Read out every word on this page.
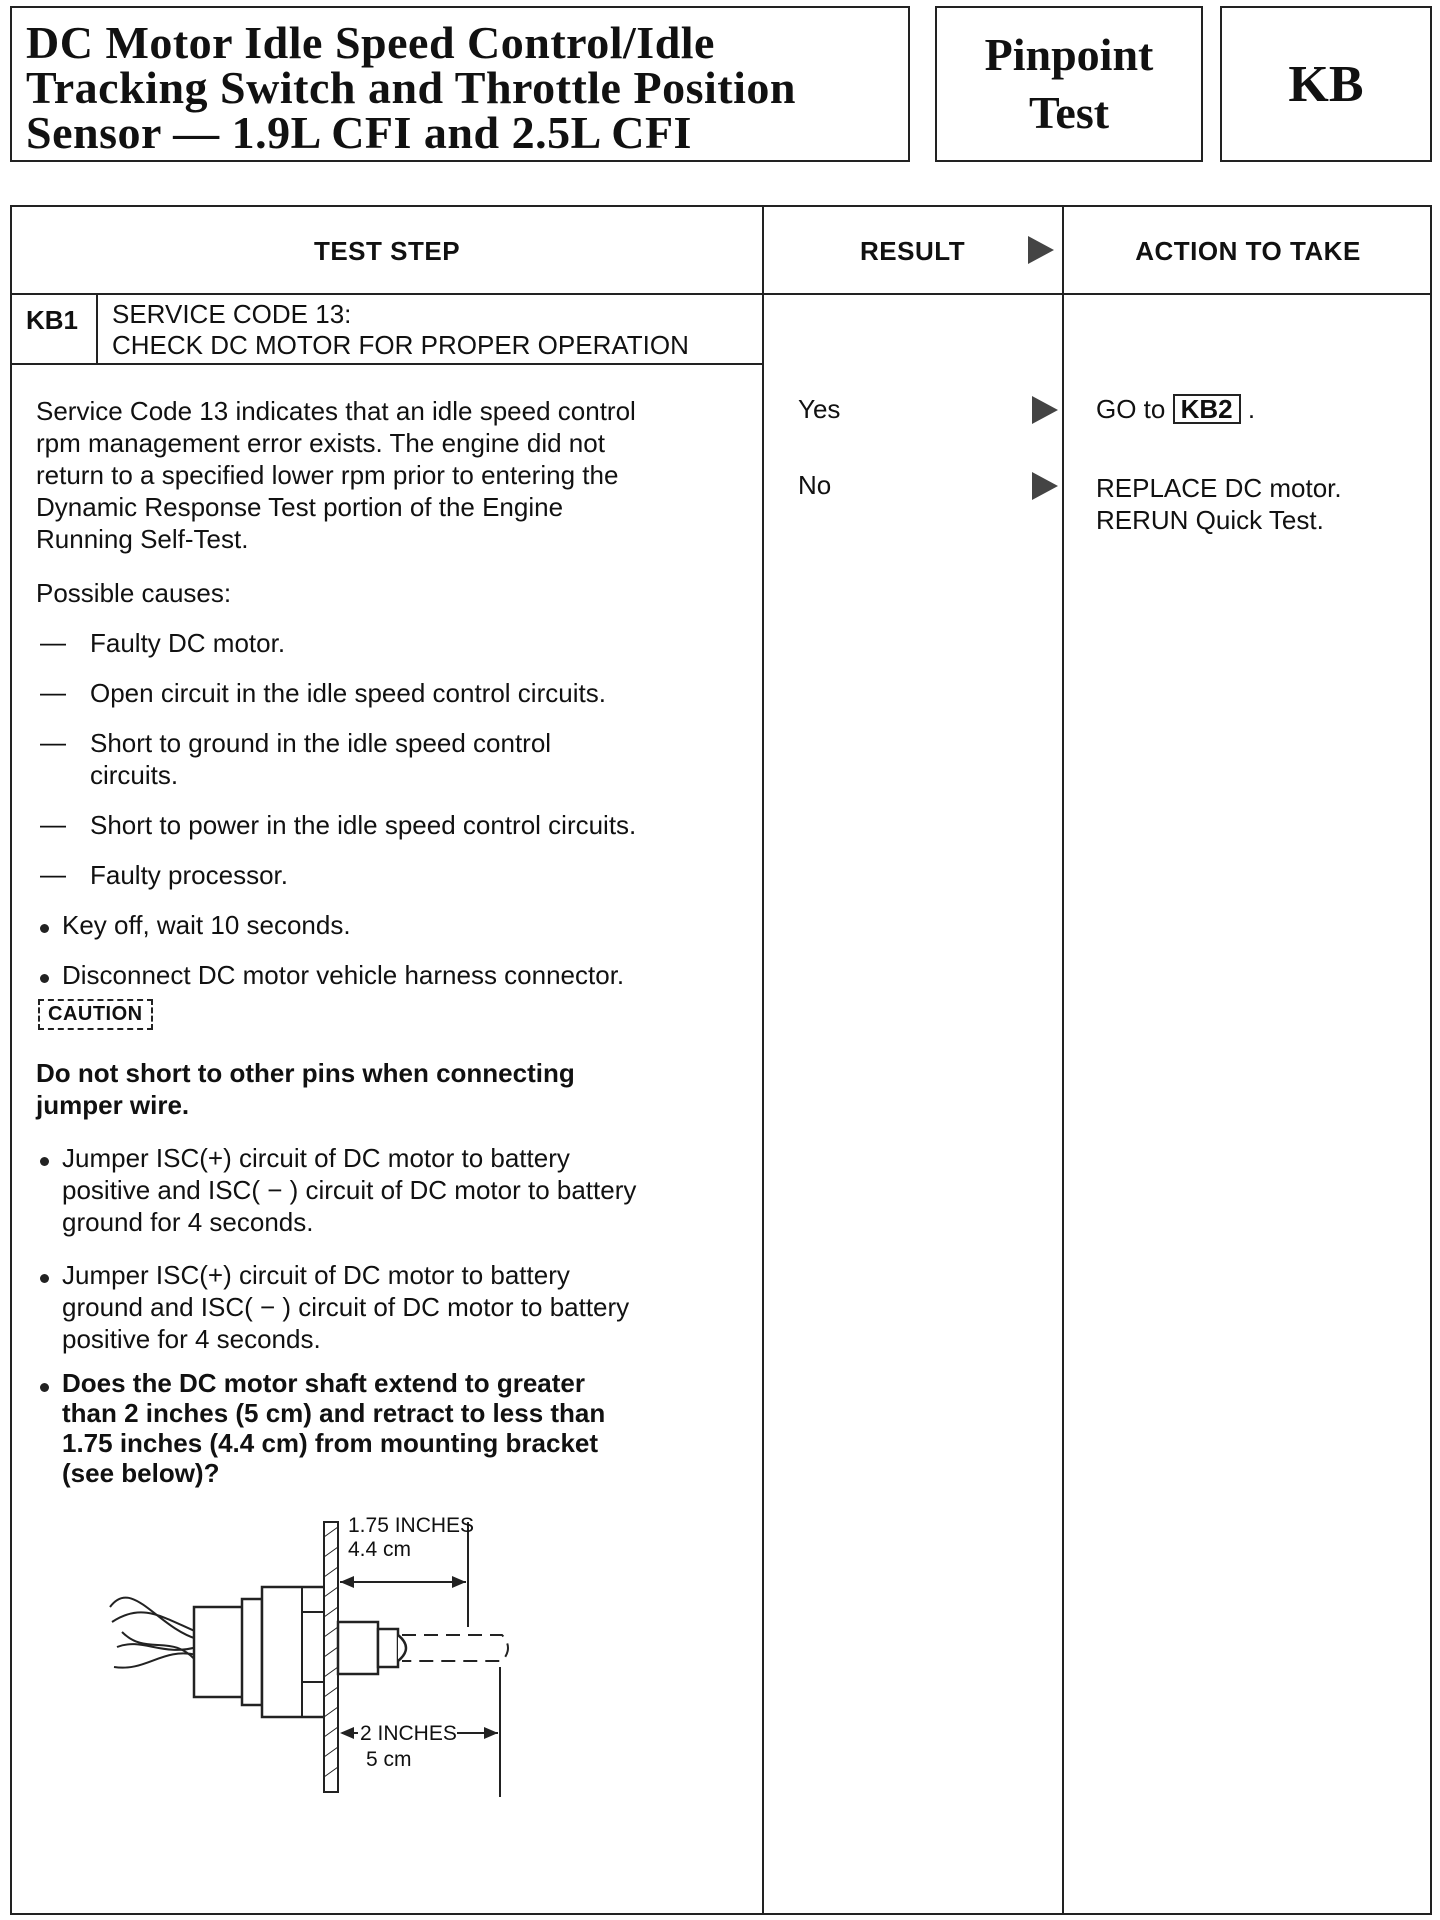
DC Motor Idle Speed Control/Idle
Tracking Switch and Throttle Position
Sensor — 1.9L CFI and 2.5L CFI
Pinpoint
Test	KB
TEST STEP	RESULT	ACTION TO TAKE
KB1	SERVICE CODE 13:
CHECK DC MOTOR FOR PROPER OPERATION
Service Code 13 indicates that an idle speed control
rpm management error exists. The engine did not
return to a specified lower rpm prior to entering the
Dynamic Response Test portion of the Engine
Running Self-Test.
Possible causes:
— Faulty DC motor.
— Open circuit in the idle speed control circuits.
— Short to ground in the idle speed control
circuits.
— Short to power in the idle speed control circuits.
— Faulty processor.
Key off, wait 10 seconds.
Disconnect DC motor vehicle harness connector.
CAUTION
Do not short to other pins when connecting
jumper wire.
Jumper ISC(+) circuit of DC motor to battery
positive and ISC( − ) circuit of DC motor to battery
ground for 4 seconds.
Jumper ISC(+) circuit of DC motor to battery
ground and ISC( − ) circuit of DC motor to battery
positive for 4 seconds.
Does the DC motor shaft extend to greater
than 2 inches (5 cm) and retract to less than
1.75 inches (4.4 cm) from mounting bracket
(see below)?
Yes	GO to KB2 .
No	REPLACE DC motor.
RERUN Quick Test.
1.75 INCHES
4.4 cm
2 INCHES
5 cm
